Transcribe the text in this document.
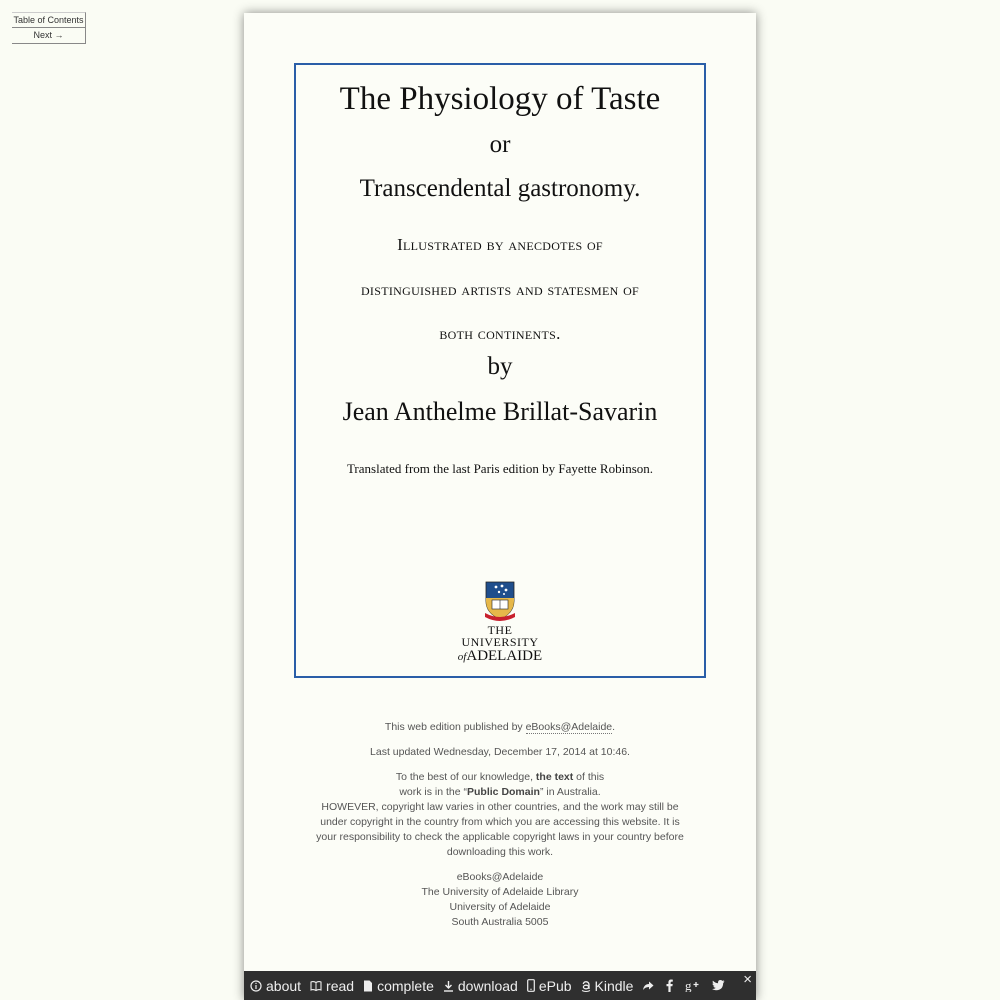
Table of Contents
Next →
The Physiology of Taste
or
Transcendental gastronomy.
Illustrated by anecdotes of
distinguished artists and statesmen of
both continents.
by
Jean Anthelme Brillat-Savarin
Translated from the last Paris edition by Fayette Robinson.
THE UNIVERSITY
ofADELAIDE

This web edition published by eBooks@Adelaide.

Last updated Wednesday, December 17, 2014 at 10:46.

To the best of our knowledge, the text of this
work is in the “Public Domain” in Australia.

HOWEVER, copyright law varies in other countries, and the work may still be under copyright in the country from which you are accessing this website. It is your responsibility to check the applicable copyright laws in your country before downloading this work.

eBooks@Adelaide
The University of Adelaide Library
University of Adelaide
South Australia 5005

about read complete download ePub Kindle	g	×
